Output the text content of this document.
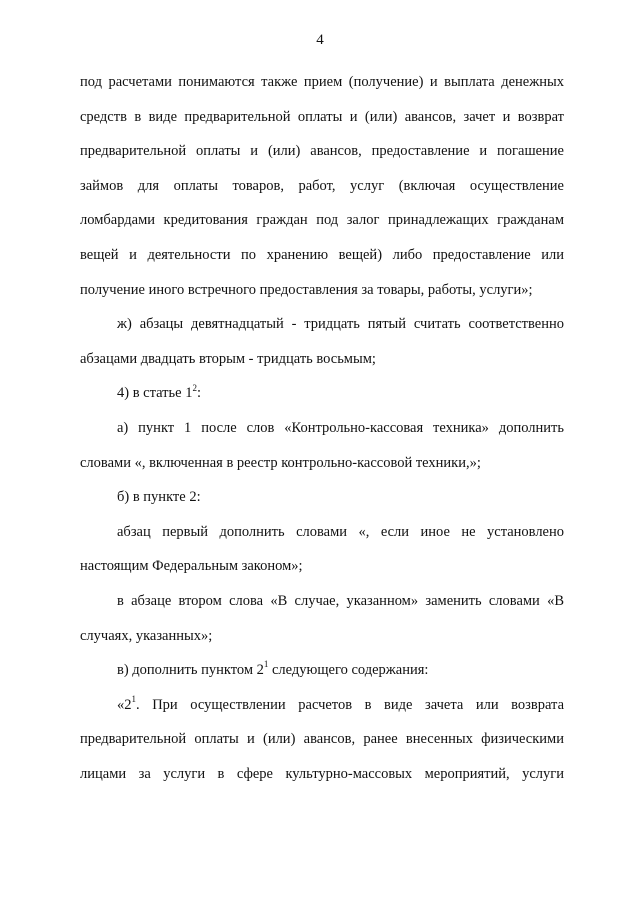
4
под расчетами понимаются также прием (получение) и выплата денежных
средств в виде предварительной оплаты и (или) авансов, зачет и возврат
предварительной оплаты и (или) авансов, предоставление и погашение
займов для оплаты товаров, работ, услуг (включая осуществление
ломбардами кредитования граждан под залог принадлежащих гражданам
вещей и деятельности по хранению вещей) либо предоставление или
получение иного встречного предоставления за товары, работы, услуги»;
ж) абзацы девятнадцатый - тридцать пятый считать соответственно
абзацами двадцать вторым - тридцать восьмым;
4) в статье $1^2$:
а) пункт 1 после слов «Контрольно-кассовая техника» дополнить
словами «, включенная в реестр контрольно-кассовой техники,»;
б) в пункте 2:
абзац первый дополнить словами «, если иное не установлено
настоящим Федеральным законом»;
в абзаце втором слова «В случае, указанном» заменить словами «В
случаях, указанных»;
в) дополнить пунктом $2^1$ следующего содержания:
«$2^1$. При осуществлении расчетов в виде зачета или возврата
предварительной оплаты и (или) авансов, ранее внесенных физическими
лицами за услуги в сфере культурно-массовых мероприятий, услуги
